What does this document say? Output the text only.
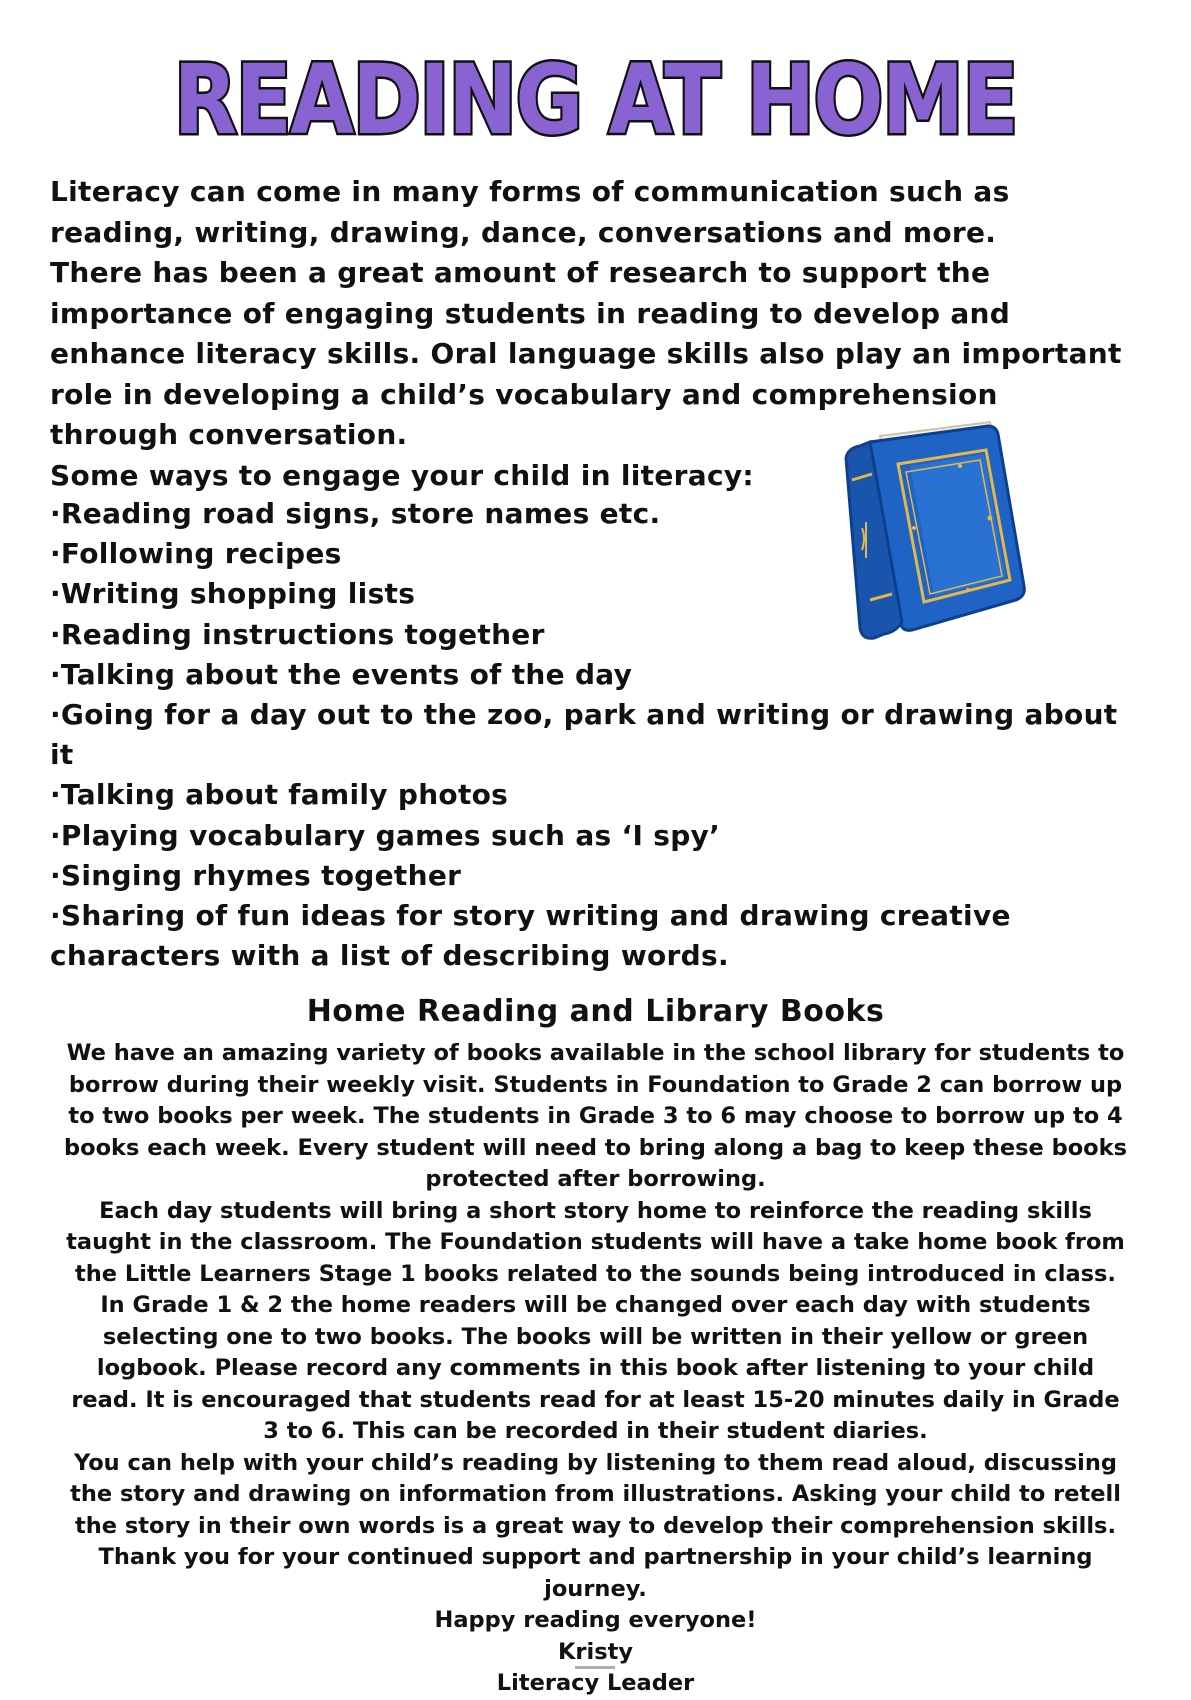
READING AT HOME

Literacy can come in many forms of communication such as reading, writing, drawing, dance, conversations and more.

There has been a great amount of research to support the importance of engaging students in reading to develop and enhance literacy skills. Oral language skills also play an important role in developing a child’s vocabulary and comprehension through conversation.

Some ways to engage your child in literacy:

·Reading road signs, store names etc.
·Following recipes
·Writing shopping lists
·Reading instructions together
·Talking about the events of the day
·Going for a day out to the zoo, park and writing or drawing about it
·Talking about family photos
·Playing vocabulary games such as ‘I spy’
·Singing rhymes together
·Sharing of fun ideas for story writing and drawing creative characters with a list of describing words.
Home Reading and Library Books

We have an amazing variety of books available in the school library for students to borrow during their weekly visit. Students in Foundation to Grade 2 can borrow up to two books per week. The students in Grade 3 to 6 may choose to borrow up to 4 books each week. Every student will need to bring along a bag to keep these books protected after borrowing.

Each day students will bring a short story home to reinforce the reading skills taught in the classroom. The Foundation students will have a take home book from the Little Learners Stage 1 books related to the sounds being introduced in class. In Grade 1 & 2 the home readers will be changed over each day with students selecting one to two books. The books will be written in their yellow or green logbook. Please record any comments in this book after listening to your child read. It is encouraged that students read for at least 15-20 minutes daily in Grade 3 to 6. This can be recorded in their student diaries.

You can help with your child’s reading by listening to them read aloud, discussing the story and drawing on information from illustrations. Asking your child to retell the story in their own words is a great way to develop their comprehension skills.

Thank you for your continued support and partnership in your child’s learning journey.

Happy reading everyone!

Kristy

Literacy Leader
